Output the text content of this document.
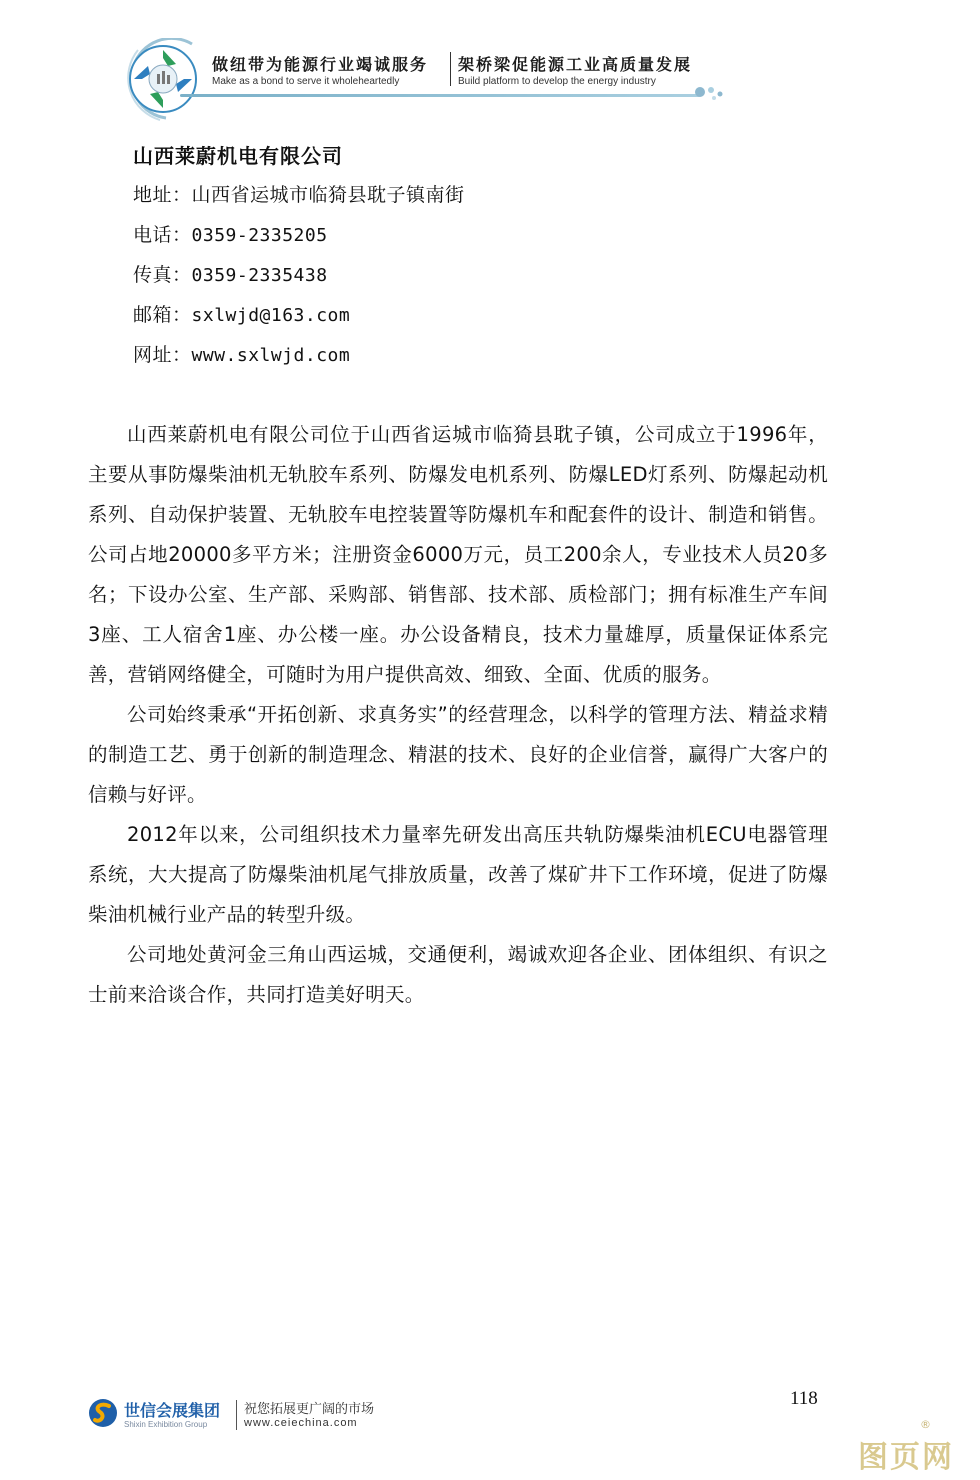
做纽带为能源行业竭诚服务
Make as a bond to serve it wholeheartedly
架桥梁促能源工业高质量发展
Build platform to develop the energy industry
山西莱蔚机电有限公司
地址：山西省运城市临猗县耽子镇南街
电话：0359-2335205
传真：0359-2335438
邮箱：sxlwjd@163.com
网址：www.sxlwjd.com

山西莱蔚机电有限公司位于山西省运城市临猗县耽子镇，公司成立于1996年，主要从事防爆柴油机无轨胶车系列、防爆发电机系列、防爆LED灯系列、防爆起动机系列、自动保护装置、无轨胶车电控装置等防爆机车和配套件的设计、制造和销售。公司占地20000多平方米；注册资金6000万元，员工200余人，专业技术人员20多名；下设办公室、生产部、采购部、销售部、技术部、质检部门；拥有标准生产车间3座、工人宿舍1座、办公楼一座。办公设备精良，技术力量雄厚，质量保证体系完善，营销网络健全，可随时为用户提供高效、细致、全面、优质的服务。

公司始终秉承“开拓创新、求真务实”的经营理念，以科学的管理方法、精益求精的制造工艺、勇于创新的制造理念、精湛的技术、良好的企业信誉，赢得广大客户的信赖与好评。

2012年以来，公司组织技术力量率先研发出高压共轨防爆柴油机ECU电器管理系统，大大提高了防爆柴油机尾气排放质量，改善了煤矿井下工作环境，促进了防爆柴油机械行业产品的转型升级。

公司地处黄河金三角山西运城，交通便利，竭诚欢迎各企业、团体组织、有识之士前来洽谈合作，共同打造美好明天。

世信会展集团
Shixin Exhibition Group
祝您拓展更广阔的市场
www.ceiechina.com
118
图页网
®
